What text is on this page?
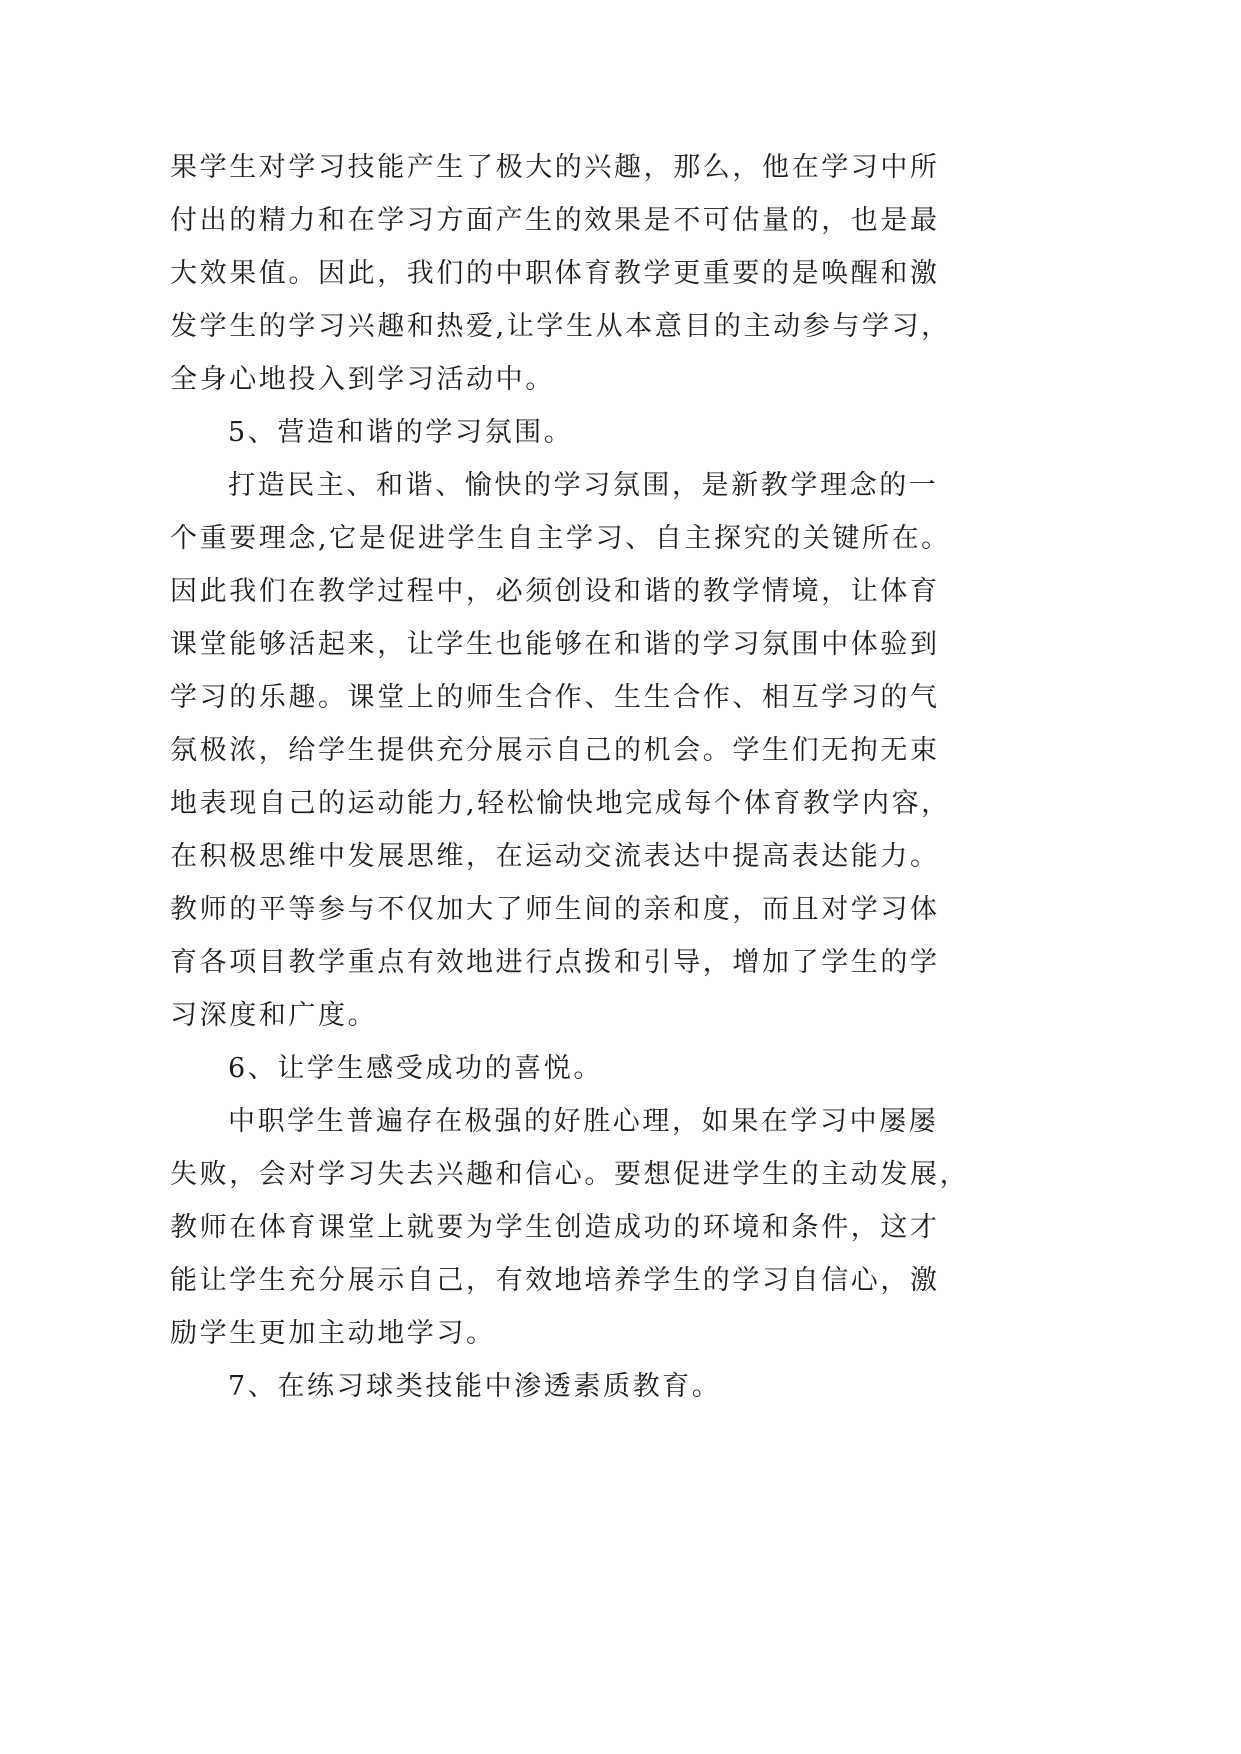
果学生对学习技能产生了极大的兴趣，那么，他在学习中所
付出的精力和在学习方面产生的效果是不可估量的，也是最
大效果值。因此，我们的中职体育教学更重要的是唤醒和激
发学生的学习兴趣和热爱,让学生从本意目的主动参与学习，
全身心地投入到学习活动中。
5、营造和谐的学习氛围。
打造民主、和谐、愉快的学习氛围，是新教学理念的一
个重要理念,它是促进学生自主学习、自主探究的关键所在。
因此我们在教学过程中，必须创设和谐的教学情境，让体育
课堂能够活起来，让学生也能够在和谐的学习氛围中体验到
学习的乐趣。课堂上的师生合作、生生合作、相互学习的气
氛极浓，给学生提供充分展示自己的机会。学生们无拘无束
地表现自己的运动能力,轻松愉快地完成每个体育教学内容，
在积极思维中发展思维，在运动交流表达中提高表达能力。
教师的平等参与不仅加大了师生间的亲和度，而且对学习体
育各项目教学重点有效地进行点拨和引导，增加了学生的学
习深度和广度。
6、让学生感受成功的喜悦。
中职学生普遍存在极强的好胜心理，如果在学习中屡屡
失败，会对学习失去兴趣和信心。要想促进学生的主动发展，
教师在体育课堂上就要为学生创造成功的环境和条件，这才
能让学生充分展示自己，有效地培养学生的学习自信心，激
励学生更加主动地学习。
7、在练习球类技能中渗透素质教育。
